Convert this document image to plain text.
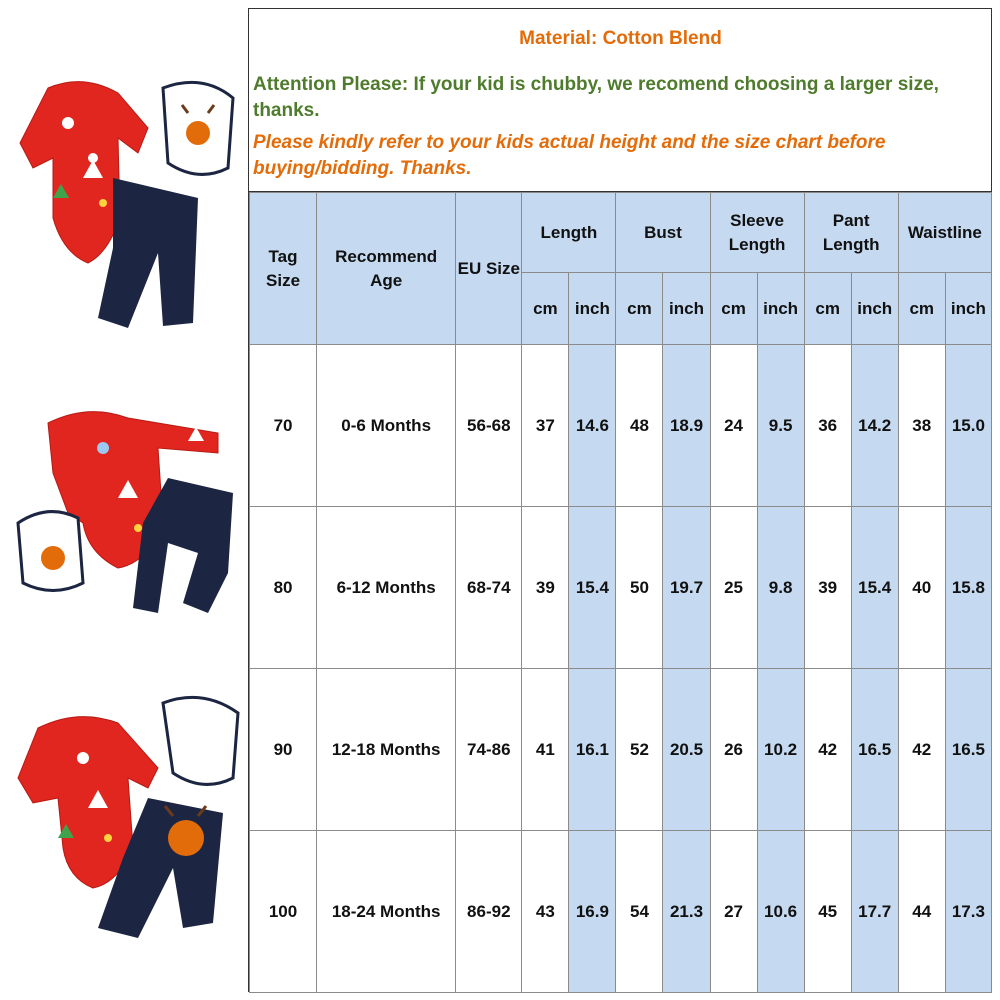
Material: Cotton Blend
Attention Please: If your kid is chubby, we recomend choosing a larger size, thanks.
Please kindly refer to your kids actual height and the size chart before buying/bidding. Thanks.
Tag Size	Recommend Age	EU Size	Length		Bust		Sleeve Length		Pant Length		Waistline	
			cm	inch	cm	inch	cm	inch	cm	inch	cm	inch
70	0-6 Months	56-68	37	14.6	48	18.9	24	9.5	36	14.2	38	15.0
80	6-12 Months	68-74	39	15.4	50	19.7	25	9.8	39	15.4	40	15.8
90	12-18 Months	74-86	41	16.1	52	20.5	26	10.2	42	16.5	42	16.5
100	18-24 Months	86-92	43	16.9	54	21.3	27	10.6	45	17.7	44	17.3
